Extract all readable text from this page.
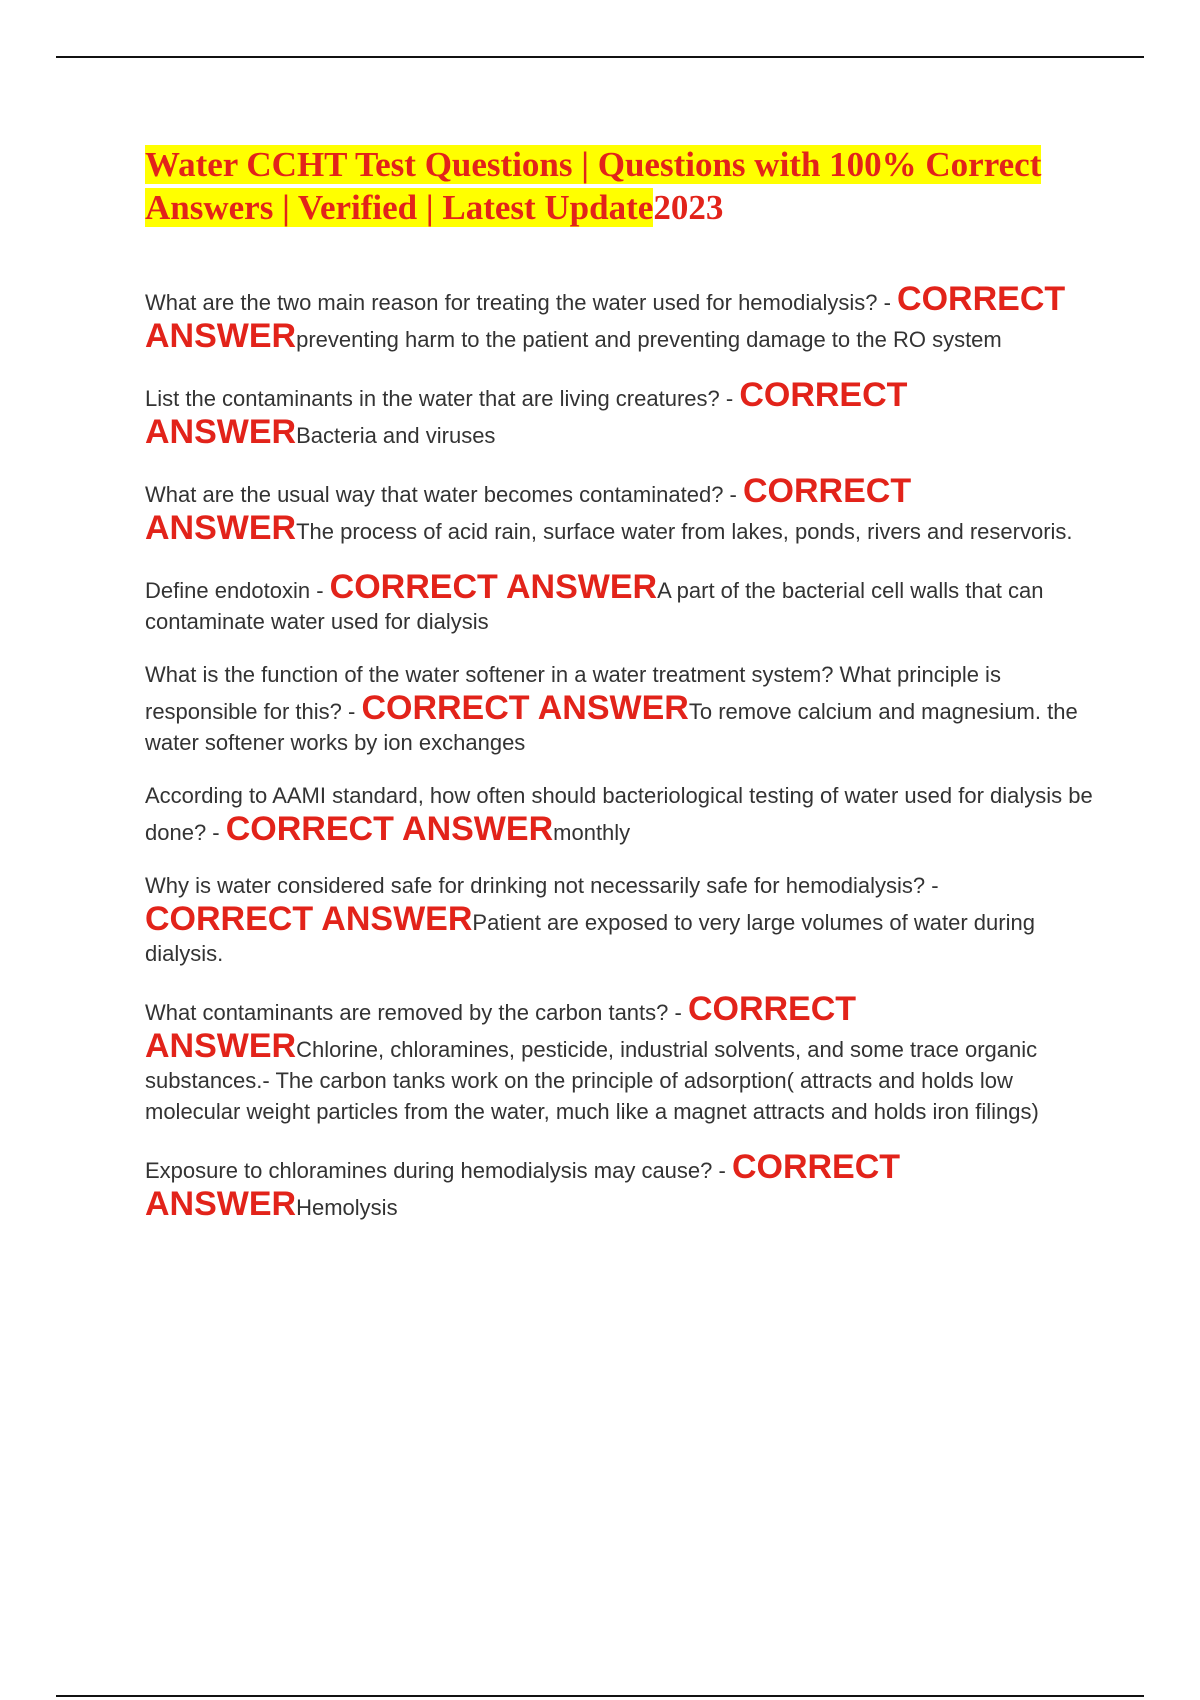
Water CCHT Test Questions | Questions with 100% Correct Answers | Verified | Latest Update2023

What are the two main reason for treating the water used for hemodialysis? - CORRECT ANSWERpreventing harm to the patient and preventing damage to the RO system

List the contaminants in the water that are living creatures? - CORRECT ANSWERBacteria and viruses

What are the usual way that water becomes contaminated? - CORRECT ANSWERThe process of acid rain, surface water from lakes, ponds, rivers and reservoris.

Define endotoxin - CORRECT ANSWERA part of the bacterial cell walls that can contaminate water used for dialysis

What is the function of the water softener in a water treatment system? What principle is responsible for this? - CORRECT ANSWERTo remove calcium and magnesium. the water softener works by ion exchanges

According to AAMI standard, how often should bacteriological testing of water used for dialysis be done? - CORRECT ANSWERmonthly

Why is water considered safe for drinking not necessarily safe for hemodialysis? - CORRECT ANSWERPatient are exposed to very large volumes of water during dialysis.

What contaminants are removed by the carbon tants? - CORRECT ANSWERChlorine, chloramines, pesticide, industrial solvents, and some trace organic substances.- The carbon tanks work on the principle of adsorption( attracts and holds low molecular weight particles from the water, much like a magnet attracts and holds iron filings)

Exposure to chloramines during hemodialysis may cause? - CORRECT ANSWERHemolysis
